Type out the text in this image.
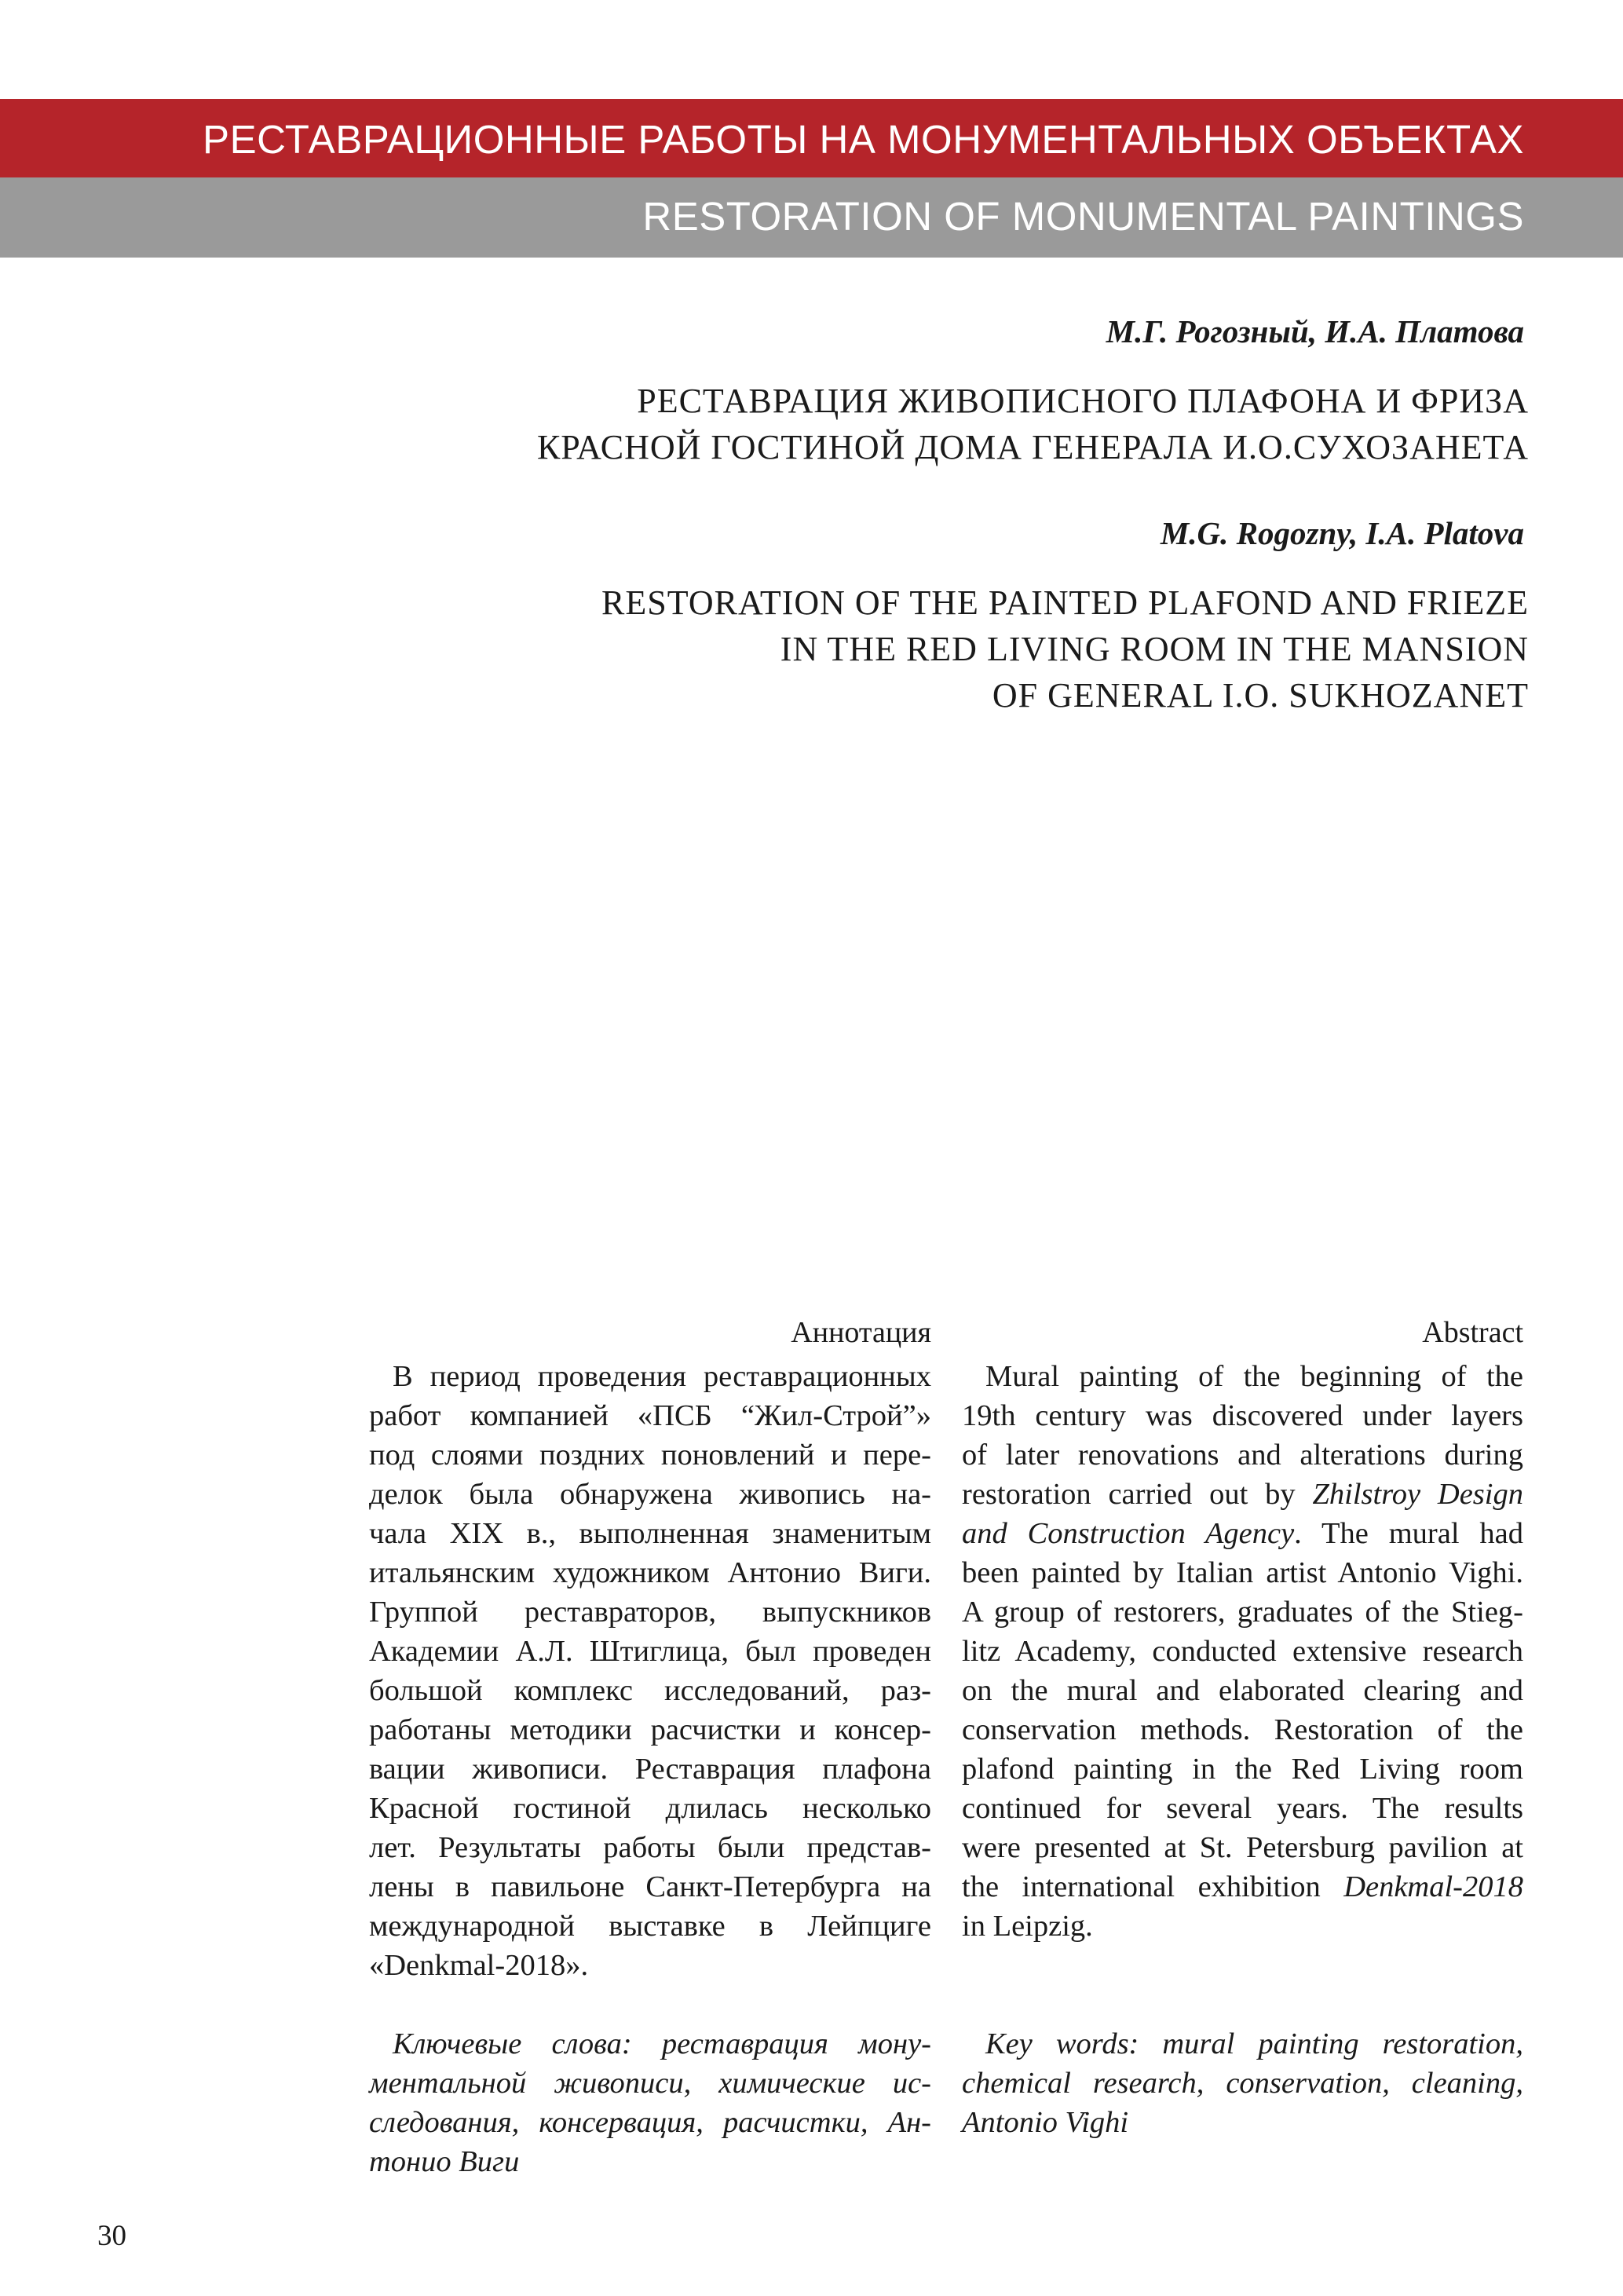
РЕСТАВРАЦИОННЫЕ РАБОТЫ НА МОНУМЕНТАЛЬНЫХ ОБЪЕКТАХ
RESTORATION OF MONUMENTAL PAINTINGS
М.Г. Рогозный, И.А. Платова
РЕСТАВРАЦИЯ ЖИВОПИСНОГО ПЛАФОНА И ФРИЗА
КРАСНОЙ ГОСТИНОЙ ДОМА ГЕНЕРАЛА И.О.СУХОЗАНЕТА
M.G. Rogozny, I.A. Platova
RESTORATION OF THE PAINTED PLAFOND AND FRIEZE
IN THE RED LIVING ROOM IN THE MANSION
OF GENERAL I.O. SUKHOZANET
Аннотация
В период проведения реставрационных
работ компанией «ПСБ “Жил-Строй”»
под слоями поздних поновлений и пере-
делок была обнаружена живопись на-
чала XIX в., выполненная знаменитым
итальянским художником Антонио Виги.
Группой реставраторов, выпускников
Академии А.Л. Штиглица, был проведен
большой комплекс исследований, раз-
работаны методики расчистки и консер-
вации живописи. Реставрация плафона
Красной гостиной длилась несколько
лет. Результаты работы были представ-
лены в павильоне Санкт-Петербурга на
международной выставке в Лейпциге
«Denkmal-2018».
Ключевые слова: реставрация мону-
ментальной живописи, химические ис-
следования, консервация, расчистки, Ан-
тонио Виги
Abstract
Mural painting of the beginning of the
19th century was discovered under layers
of later renovations and alterations during
restoration carried out by Zhilstroy Design
and Construction Agency. The mural had
been painted by Italian artist Antonio Vighi.
A group of restorers, graduates of the Stieg-
litz Academy, conducted extensive research
on the mural and elaborated clearing and
conservation methods. Restoration of the
plafond painting in the Red Living room
continued for several years. The results
were presented at St. Petersburg pavilion at
the international exhibition Denkmal-2018
in Leipzig.
Key words: mural painting restoration,
chemical research, conservation, cleaning,
Antonio Vighi
30
